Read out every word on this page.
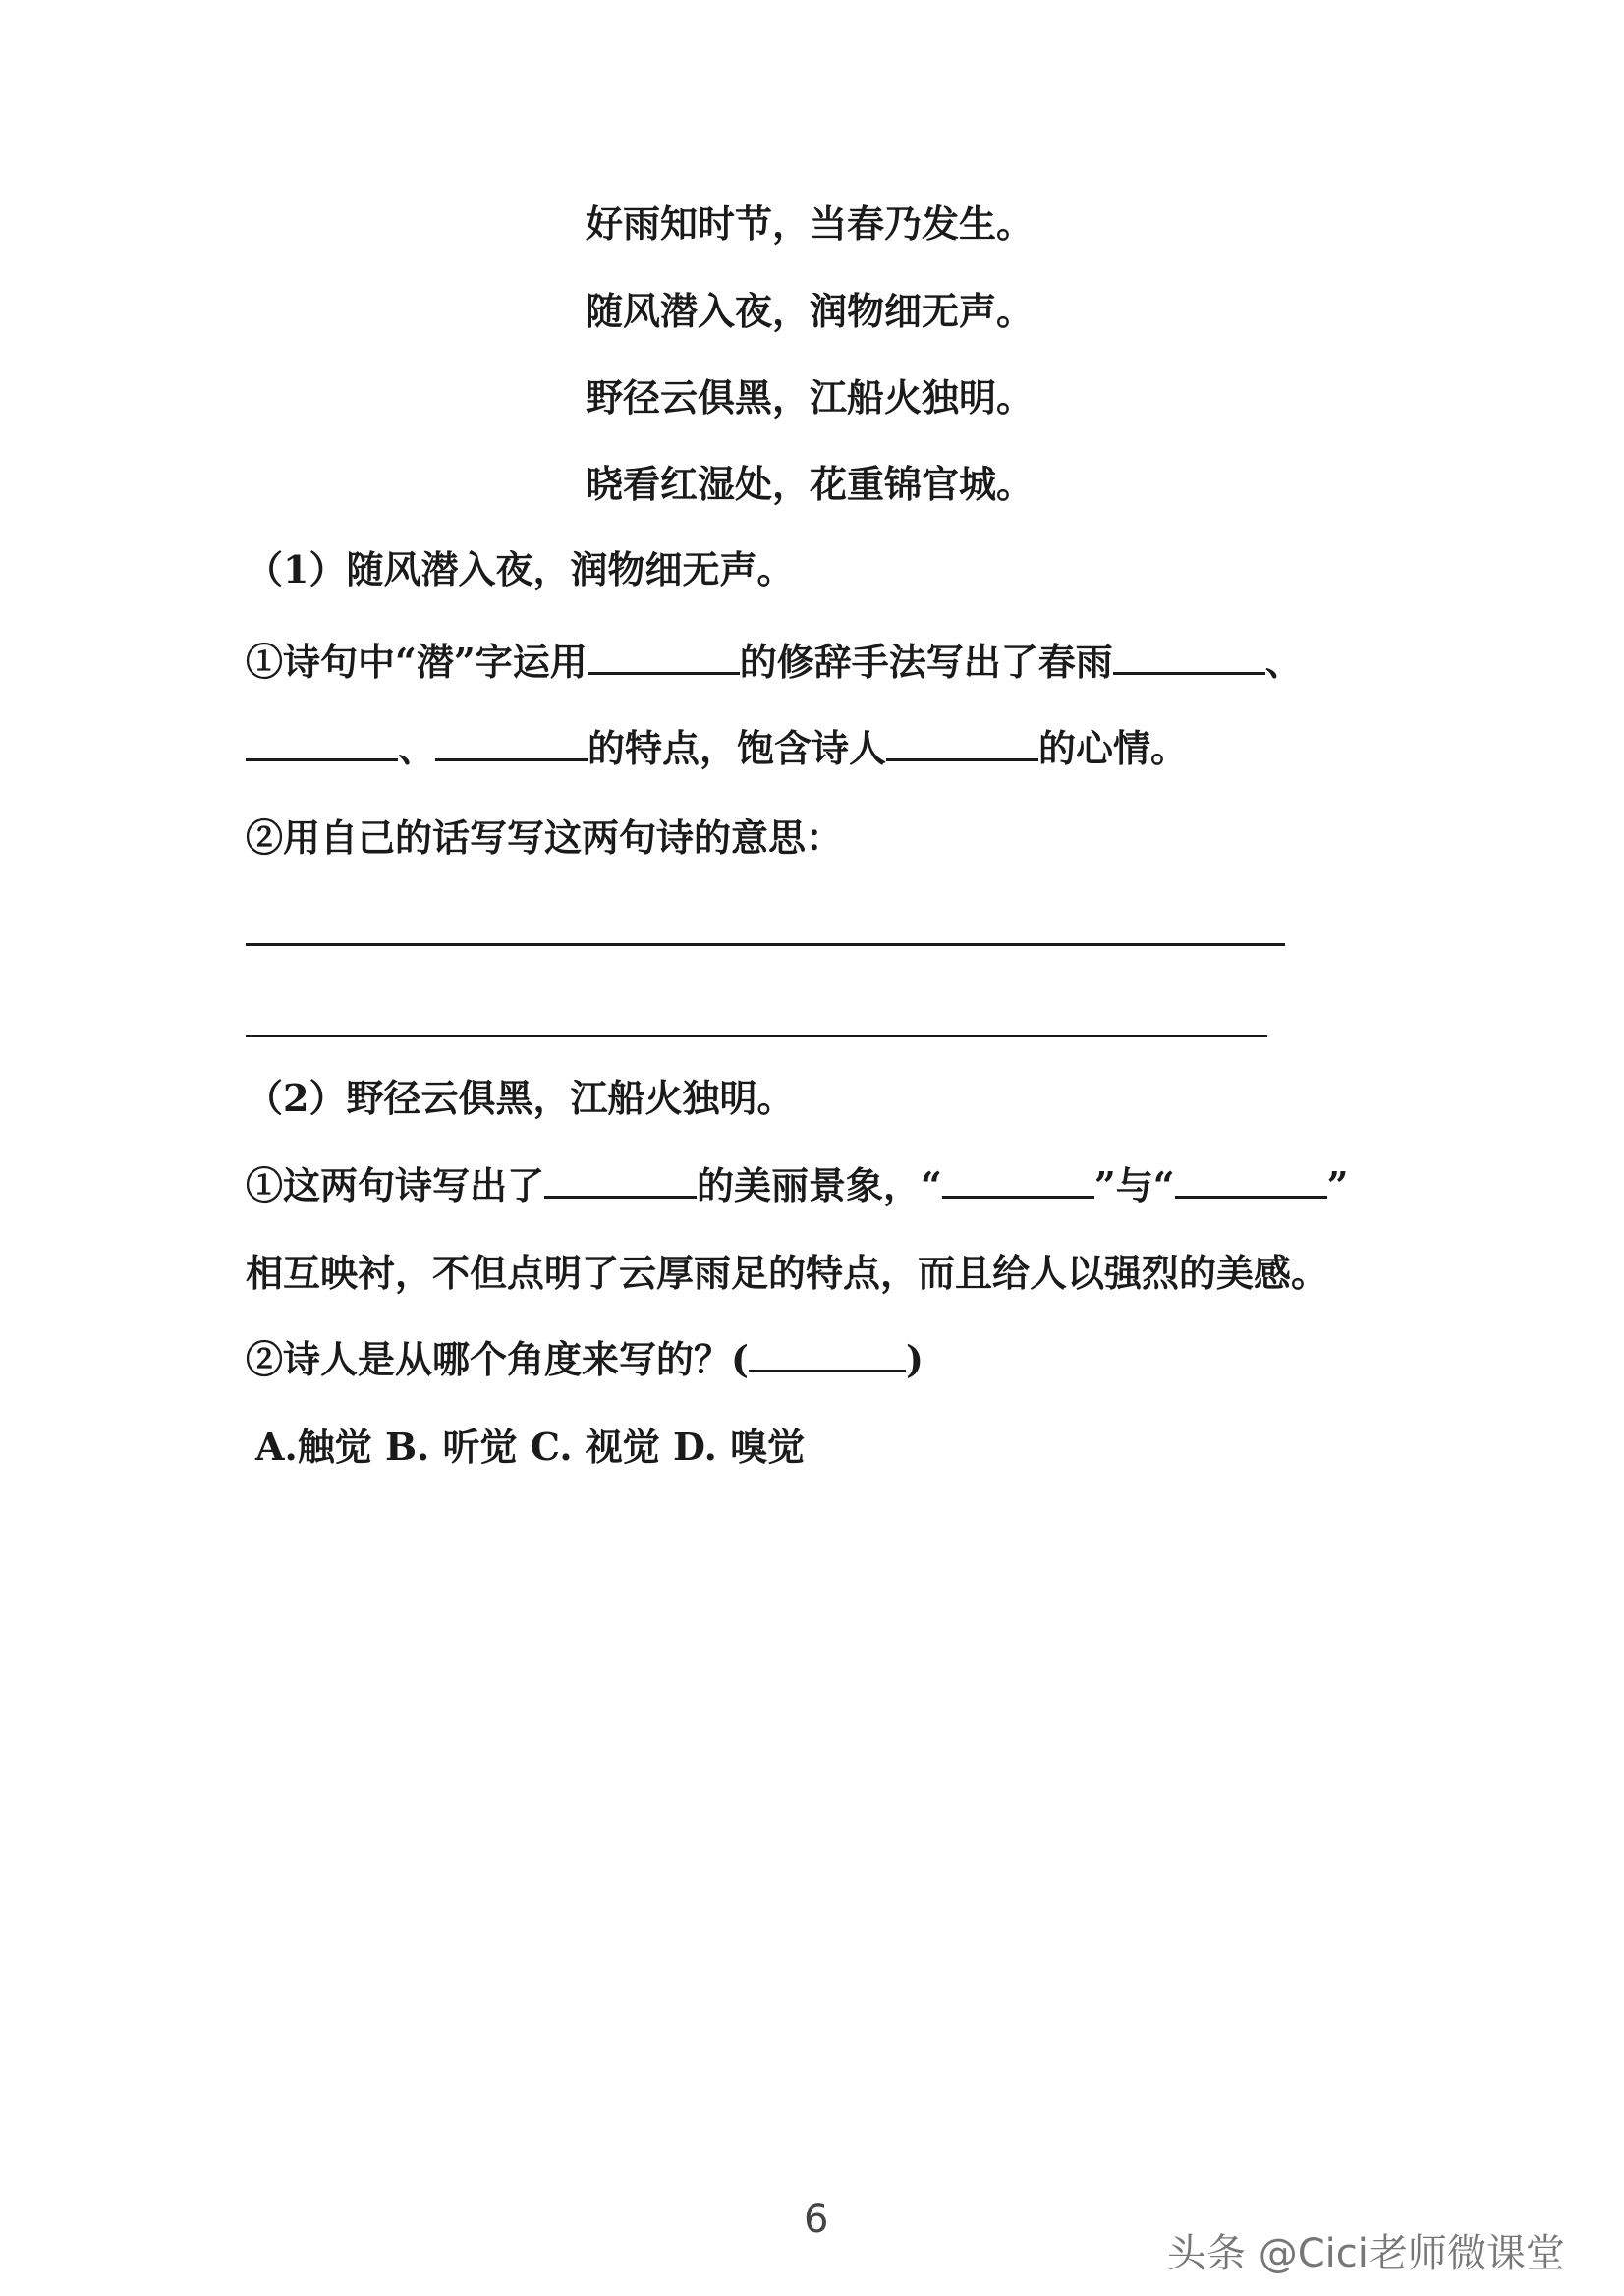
好雨知时节，当春乃发生。
随风潜入夜，润物细无声。
野径云俱黑，江船火独明。
晓看红湿处，花重锦官城。
（1）随风潜入夜，润物细无声。
①诗句中“潜”字运用	的修辞手法写出了春雨	、
、	的特点，饱含诗人	的心情。
②用自己的话写写这两句诗的意思：
（2）野径云俱黑，江船火独明。
①这两句诗写出了	的美丽景象，“	”与“	”
相互映衬，不但点明了云厚雨足的特点，而且给人以强烈的美感。
②诗人是从哪个角度来写的？(	)
A.触觉 B. 听觉 C. 视觉 D. 嗅觉
6
头条 @Cici老师微课堂
